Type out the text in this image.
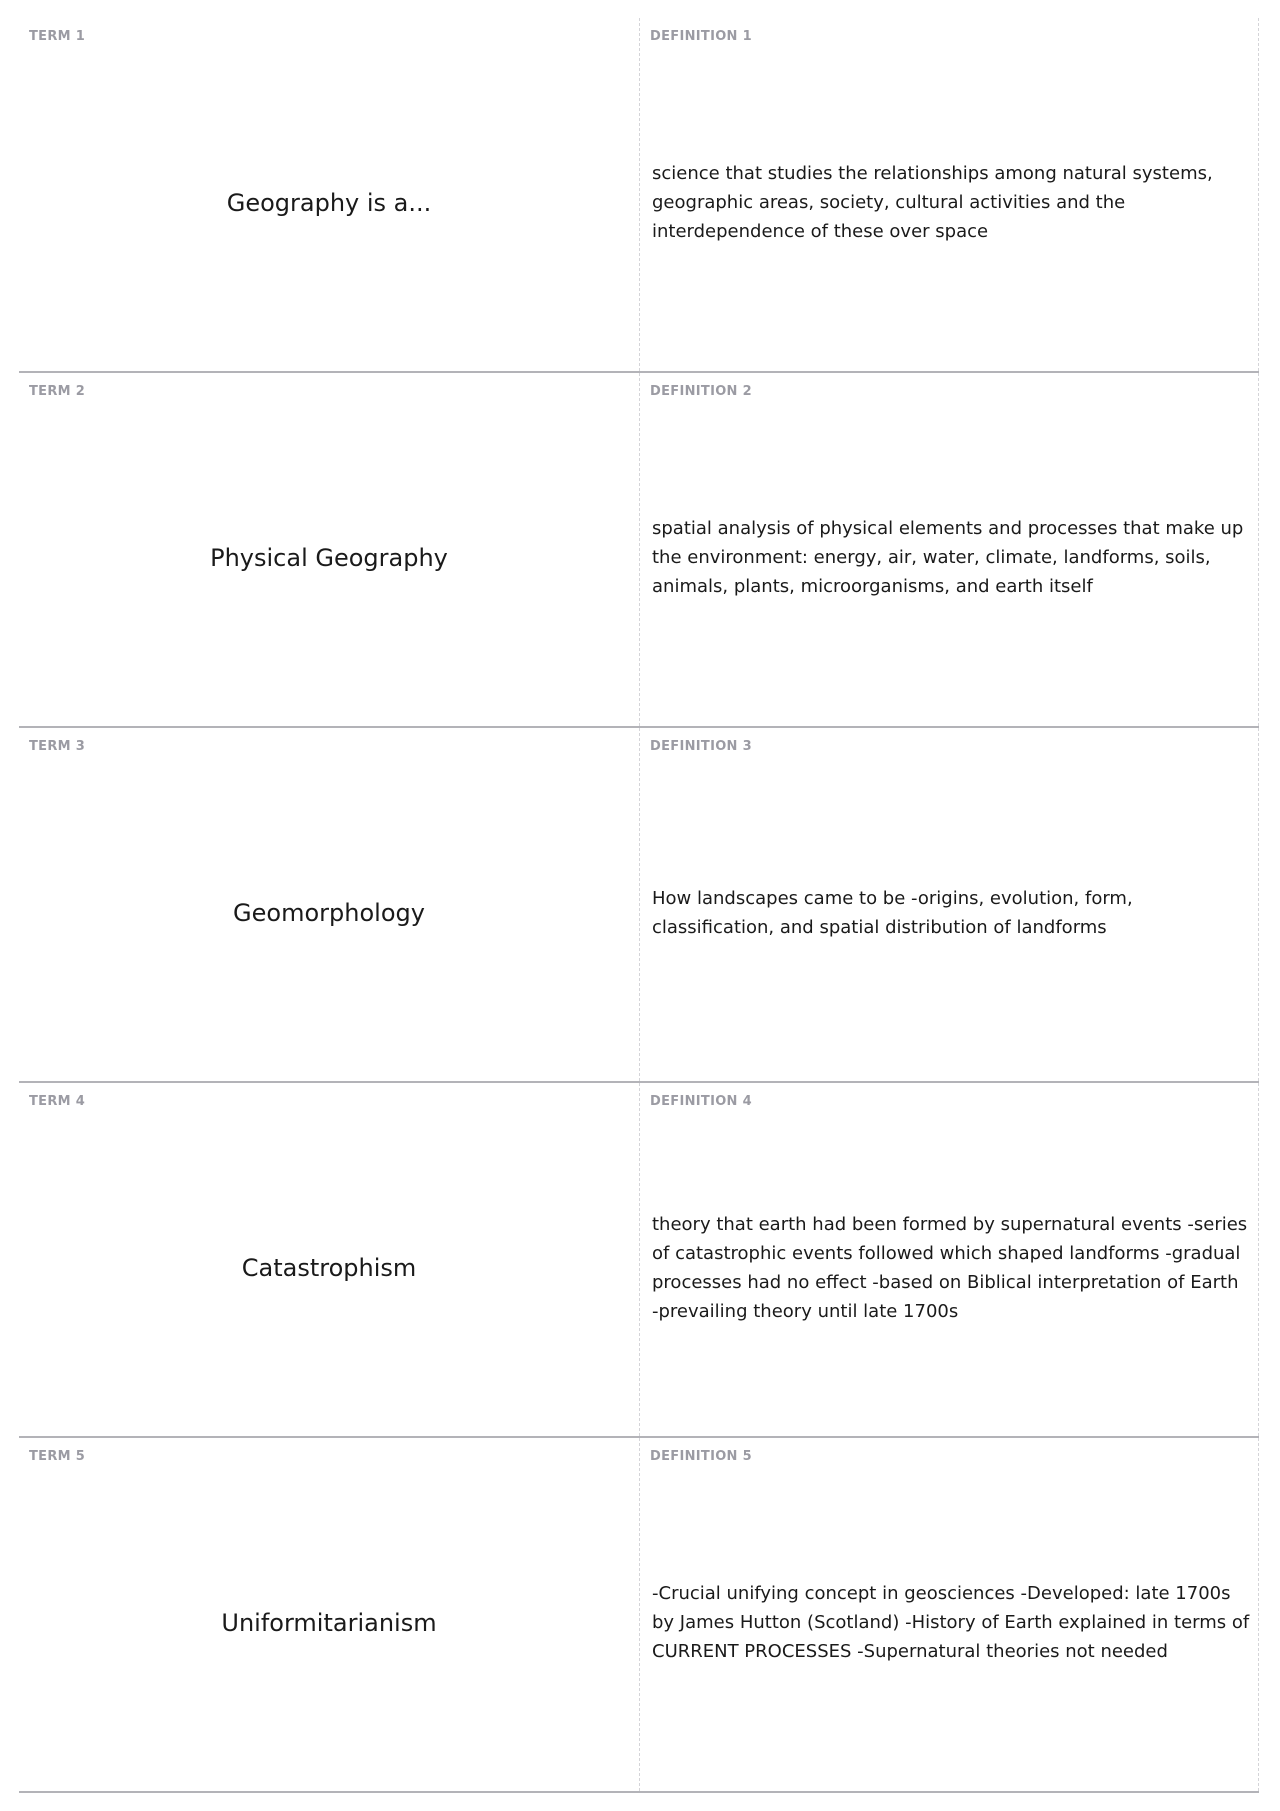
TERM 1
Geography is a...
DEFINITION 1
science that studies the relationships among natural systems, geographic areas, society, cultural activities and the interdependence of these over space
TERM 2
Physical Geography
DEFINITION 2
spatial analysis of physical elements and processes that make up the environment: energy, air, water, climate, landforms, soils, animals, plants, microorganisms, and earth itself
TERM 3
Geomorphology
DEFINITION 3
How landscapes came to be -origins, evolution, form, classification, and spatial distribution of landforms
TERM 4
Catastrophism
DEFINITION 4
theory that earth had been formed by supernatural events -series of catastrophic events followed which shaped landforms -gradual processes had no effect -based on Biblical interpretation of Earth -prevailing theory until late 1700s
TERM 5
Uniformitarianism
DEFINITION 5
-Crucial unifying concept in geosciences -Developed: late 1700s by James Hutton (Scotland) -History of Earth explained in terms of CURRENT PROCESSES -Supernatural theories not needed
